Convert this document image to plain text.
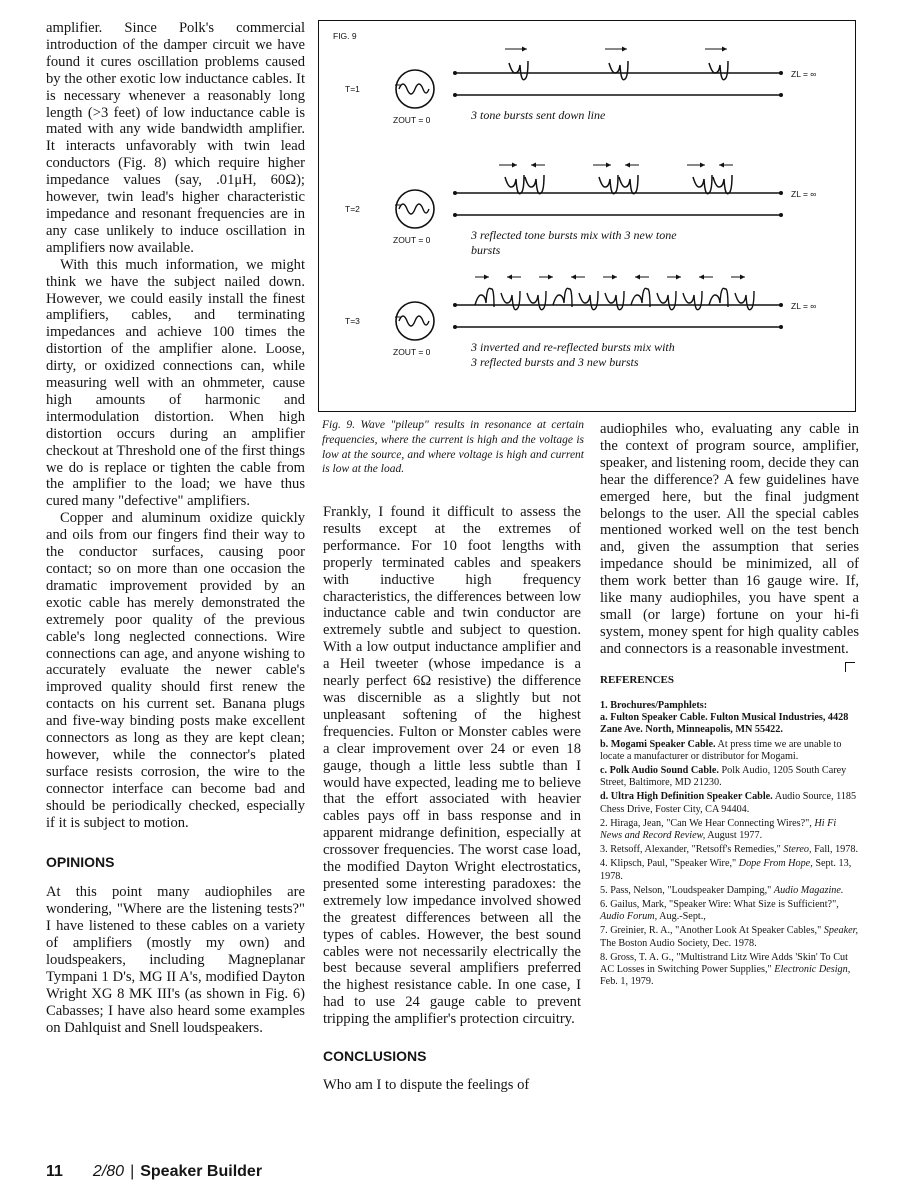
amplifier. Since Polk's commercial introduction of the damper circuit we have found it cures oscillation problems caused by the other exotic low inductance cables. It is necessary whenever a reasonably long length (>3 feet) of low inductance cable is mated with any wide bandwidth amplifier. It interacts unfavorably with twin lead conductors (Fig. 8) which require higher impedance values (say, .01μH, 60Ω); however, twin lead's higher characteristic impedance and resonant frequencies are in any case unlikely to induce oscillation in amplifiers now available.

With this much information, we might think we have the subject nailed down. However, we could easily install the finest amplifiers, cables, and terminating impedances and achieve 100 times the distortion of the amplifier alone. Loose, dirty, or oxidized connections can, while measuring well with an ohmmeter, cause high amounts of harmonic and intermodulation distortion. When high distortion occurs during an amplifier checkout at Threshold one of the first things we do is replace or tighten the cable from the amplifier to the load; we have thus cured many "defective" amplifiers.

Copper and aluminum oxidize quickly and oils from our fingers find their way to the conductor surfaces, causing poor contact; so on more than one occasion the dramatic improvement provided by an exotic cable has merely demonstrated the extremely poor quality of the previous cable's long neglected connections. Wire connections can age, and anyone wishing to accurately evaluate the newer cable's improved quality should first renew the contacts on his current set. Banana plugs and five-way binding posts make excellent connectors as long as they are kept clean; however, while the connector's plated surface resists corrosion, the wire to the connector interface can become bad and should be periodically checked, especially if it is subject to motion.

OPINIONS

At this point many audiophiles are wondering, "Where are the listening tests?" I have listened to these cables on a variety of amplifiers (mostly my own) and loudspeakers, including Magneplanar Tympani 1 D's, MG II A's, modified Dayton Wright XG 8 MK III's (as shown in Fig. 6) Cabasses; I have also heard some examples on Dahlquist and Snell loudspeakers.

FIG. 9
T=1
ZOUT = 0
ZL = ∞
3 tone bursts sent down line
T=2
ZOUT = 0
ZL = ∞
3 reflected tone bursts mix with 3 new tone
bursts
T=3
ZOUT = 0
ZL = ∞
3 inverted and re-reflected bursts mix with
3 reflected bursts and 3 new bursts

Fig. 9. Wave "pileup" results in resonance at certain frequencies, where the current is high and the voltage is low at the source, and where voltage is high and current is low at the load.

Frankly, I found it difficult to assess the results except at the extremes of performance. For 10 foot lengths with properly terminated cables and speakers with inductive high frequency characteristics, the differences between low inductance cable and twin conductor are extremely subtle and subject to question. With a low output inductance amplifier and a Heil tweeter (whose impedance is a nearly perfect 6Ω resistive) the difference was discernible as a slightly but not unpleasant softening of the highest frequencies. Fulton or Monster cables were a clear improvement over 24 or even 18 gauge, though a little less subtle than I would have expected, leading me to believe that the effort associated with heavier cables pays off in bass response and in apparent midrange definition, especially at crossover frequencies. The worst case load, the modified Dayton Wright electrostatics, presented some interesting paradoxes: the extremely low impedance involved showed the greatest differences between all the types of cables. However, the best sound cables were not necessarily electrically the best because several amplifiers preferred the highest resistance cable. In one case, I had to use 24 gauge cable to prevent tripping the amplifier's protection circuitry.

CONCLUSIONS

Who am I to dispute the feelings of

audiophiles who, evaluating any cable in the context of program source, amplifier, speaker, and listening room, decide they can hear the difference? A few guidelines have emerged here, but the final judgment belongs to the user. All the special cables mentioned worked well on the test bench and, given the assumption that series impedance should be minimized, all of them work better than 16 gauge wire. If, like many audiophiles, you have spent a small (or large) fortune on your hi-fi system, money spent for high quality cables and connectors is a reasonable investment.

REFERENCES

1. Brochures/Pamphlets:

a. Fulton Speaker Cable. Fulton Musical Industries, 4428 Zane Ave. North, Minneapolis, MN 55422.

b. Mogami Speaker Cable. At press time we are unable to locate a manufacturer or distributor for Mogami.

c. Polk Audio Sound Cable. Polk Audio, 1205 South Carey Street, Baltimore, MD 21230.

d. Ultra High Definition Speaker Cable. Audio Source, 1185 Chess Drive, Foster City, CA 94404.

2. Hiraga, Jean, "Can We Hear Connecting Wires?", Hi Fi News and Record Review, August 1977.

3. Retsoff, Alexander, "Retsoff's Remedies," Stereo, Fall, 1978.

4. Klipsch, Paul, "Speaker Wire," Dope From Hope, Sept. 13, 1978.

5. Pass, Nelson, "Loudspeaker Damping," Audio Magazine.

6. Gailus, Mark, "Speaker Wire: What Size is Sufficient?", Audio Forum, Aug.-Sept.,

7. Greinier, R. A., "Another Look At Speaker Cables," Speaker, The Boston Audio Society, Dec. 1978.

8. Gross, T. A. G., "Multistrand Litz Wire Adds 'Skin' To Cut AC Losses in Switching Power Supplies," Electronic Design, Feb. 1, 1979.

11 2/80 | Speaker Builder
